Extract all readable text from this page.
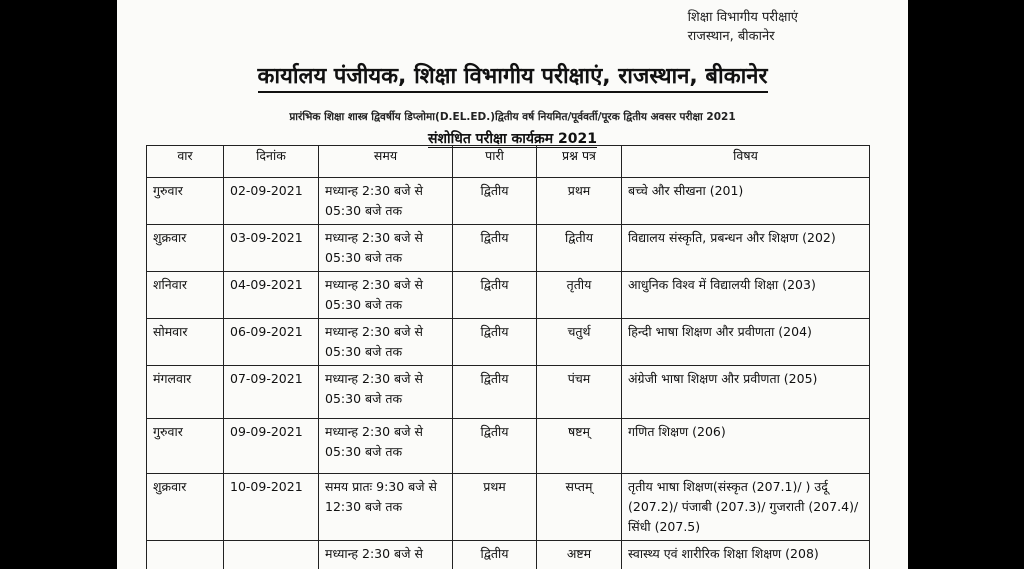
शिक्षा विभागीय परीक्षाएं
राजस्थान, बीकानेर
कार्यालय पंजीयक, शिक्षा विभागीय परीक्षाएं, राजस्थान, बीकानेर
प्रारंभिक शिक्षा शास्त्र द्विवर्षीय डिप्लोमा(D.EL.ED.)द्वितीय वर्ष नियमित/पूर्ववर्ती/पूरक द्वितीय अवसर परीक्षा 2021
संशोधित परीक्षा कार्यक्रम 2021
वार	दिनांक	समय	पारी	प्रश्न पत्र	विषय
गुरुवार	02-09-2021	मध्यान्ह 2:30 बजे से 05:30 बजे तक	द्वितीय	प्रथम	बच्चे और सीखना (201)
शुक्रवार	03-09-2021	मध्यान्ह 2:30 बजे से 05:30 बजे तक	द्वितीय	द्वितीय	विद्यालय संस्कृति, प्रबन्धन और शिक्षण (202)
शनिवार	04-09-2021	मध्यान्ह 2:30 बजे से 05:30 बजे तक	द्वितीय	तृतीय	आधुनिक विश्व में विद्यालयी शिक्षा (203)
सोमवार	06-09-2021	मध्यान्ह 2:30 बजे से 05:30 बजे तक	द्वितीय	चतुर्थ	हिन्दी भाषा शिक्षण और प्रवीणता (204)
मंगलवार	07-09-2021	मध्यान्ह 2:30 बजे से 05:30 बजे तक	द्वितीय	पंचम	अंग्रेजी भाषा शिक्षण और प्रवीणता (205)
गुरुवार	09-09-2021	मध्यान्ह 2:30 बजे से 05:30 बजे तक	द्वितीय	षष्टम्	गणित शिक्षण (206)
शुक्रवार	10-09-2021	समय प्रातः 9:30 बजे से 12:30 बजे तक	प्रथम	सप्तम्	तृतीय भाषा शिक्षण(संस्कृत (207.1)/ ) उर्दू (207.2)/ पंजाबी (207.3)/ गुजराती (207.4)/ सिंधी (207.5)
		मध्यान्ह 2:30 बजे से	द्वितीय	अष्टम	स्वास्थ्य एवं शारीरिक शिक्षा शिक्षण (208)
